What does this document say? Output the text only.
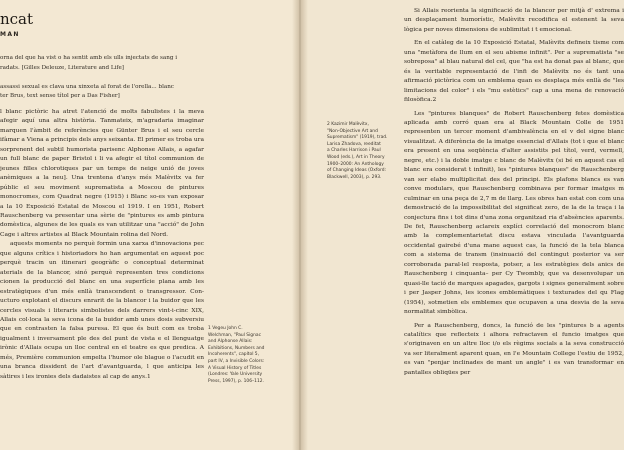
ncat
MAN
orna del que ha vist o ha sentit amb els ulls injectats de sang i
radats. [Gilles Deleuze, Literature and Life]

assassi sexual es clava una xinxeta al forat de l'orella... blanc
ter Brus, text sense títol per a Das Fisher]

l blanc pictòric ha atret l'atenció de molts fabulistes i la meva afegir aquí una altra història. Tanmateix, m'agradaria imaginar marquen l'àmbit de referències que Günter Brus i el seu cercle ifàmar a Viena a principis dels anys seixanta. El primer es troba ura sorprenent del subtil humorista parisenc Alphonse Allais, a agafar un full blanc de paper Bristol i li va afegir el títol communion de jeunes filles chlorotiques par un temps de neige unió de joves anèmiques a la neu]. Una trentena d'anys més Malèvitx va fer públic el seu moviment suprematista a Moscou de pintures monocromes, com Quadrat negre (1915) i Blanc so-es van exposar a la 10 Exposició Estatal de Moscou el 1919. I en 1951, Robert Rauschenberg va presentar una sèrie de "pintures es amb pintura domèstica, algunes de les quals es van utilitzar una "acció" de John Cage i altres artistes al Black Mountain rolina del Nord.

aquests moments no perquè formin una xarxa d'innovacions pec que alguns crítics i historiadors ho han argumentat en aquest poc perquè tracin un itinerari geogràfic o conceptual determinat aterials de la blancor, sinó perquè representen tres condicions cionen la producció del blanc en una superfície plana amb les estratègiques d'un més enllà transcendent o transgressor. Con-ucturo explotant el discurs enrarit de la blancor i la buidor que les cercles visuals i literaris simbolistes dels darrers vint-i-cinc XIX, Allais col·loca la seva icona de la buidor amb unes dosis subversiu que en contrasten la falsa puresa. El que és buit com es troba igualment i inversament ple des del punt de vista e el llenguatge irònic d'Allais ocupa un lloc central en el teatre es que predica. A més, Première communion empelta l'humor ole blague o l'acudit en una branca dissident de l'art d'avantguarda, l que anticipa les sàtires i les ironies dels dadaistes al cap de anys.1

1 Vegeu John C.
Welchman, "Paul Signac
and Alphonse Allais:
Exhibitions, Numbers and
Incoherents", capítol 5,
part IV, a Invisible Colors:
A Visual History of Titles
(Londres: Yale University
Press, 1997), p. 106–112.
2 Kazimir Malèvitx,
"Non-Objective Art and
Suprematism" (1919), trad.
Larisa Zhadova, reeditat
a Charles Harrison i Paul
Wood (eds.), Art in Theory
1900–2000: An Anthology
of Changing Ideas (Oxford:
Blackwell, 2003), p. 293.

Si Allais reorienta la significació de la blancor per mitjà d' extrema i un desplaçament humorístic, Malèvitx recodifica el estenent la seva lògica per noves dimensions de sublimitat i t emocional.

En el catàleg de la 10 Exposició Estatal, Malèvitx defineix tisme com una "metàfora de llum en el seu abisme infinit". Per a suprematista "se sobreposa" al blau natural del cel, que "ha est ha donat pas al blanc, que és la veritable representació de l'infi de Malèvitx no és tant una afirmació pictòrica com un emblema quan es desplaça més enllà de "les limitacions del color" i els "mu estètics" cap a una mena de renovació filosòfica.2

Les "pintures blanques" de Robert Rauschenberg fetes domèstica aplicada amb corró quan era al Black Mountain Colle de 1951 representen un tercer moment d'ambivalència en el v del signe blanc visualitzat. A diferència de la imatge essencial d'Allais (tot i que el blanc era present en una seqüència d'alter assistits pel títol, verd, vermell, negre, etc.) i la doble imatge c blanc de Malèvitx (si bé en aquest cas el blanc era considerat t infinit), les "pintures blanques" de Rauschenberg van ser elabo multiplicitat des del principi. Els plafons blancs es van conve modulars, que Rauschenberg combinava per formar imatges m culminar en una peça de 2,7 m de llarg. Les obres han estat con com una demostració de la impossibilitat del significat zero, de la de la traça i la conjectura fins i tot dins d'una zona organitzad ria d'absències aparents. De fet, Rauschenberg aclareix explíci correlació del monocrom blanc amb la complementarietat discu estava vinculada l'avantguarda occidental gairebé d'una mane aquest cas, la funció de la tela blanca com a sistema de transm (insinuació del contingut posterior va ser corroborada paral·lel resposta, potser, a les estratègies dels anics de Rauschenberg i cinquanta– per Cy Twombly, que va desenvolupar un quasi-lle tació de marques apagades, gargots i signes generalment sobre i per Jasper Johns, les icones emblemàtiques i texturades del qu Flag (1954), sotmetien els emblemes que ocupaven a una desvia de la seva normalitat simbòlica.

Per a Rauschenberg, doncs, la funció de les "pintures b a agents catalítics que reflecteix i alhora refractaven el funcio imatges que s'originaven en un altre lloc i/o els règims socials a la seva construcció va ser literalment aparent quan, en l'e Mountain College l'estiu de 1952, es van "penjar inclinades de mant un angle" i es van transformar en pantalles obliqües per
